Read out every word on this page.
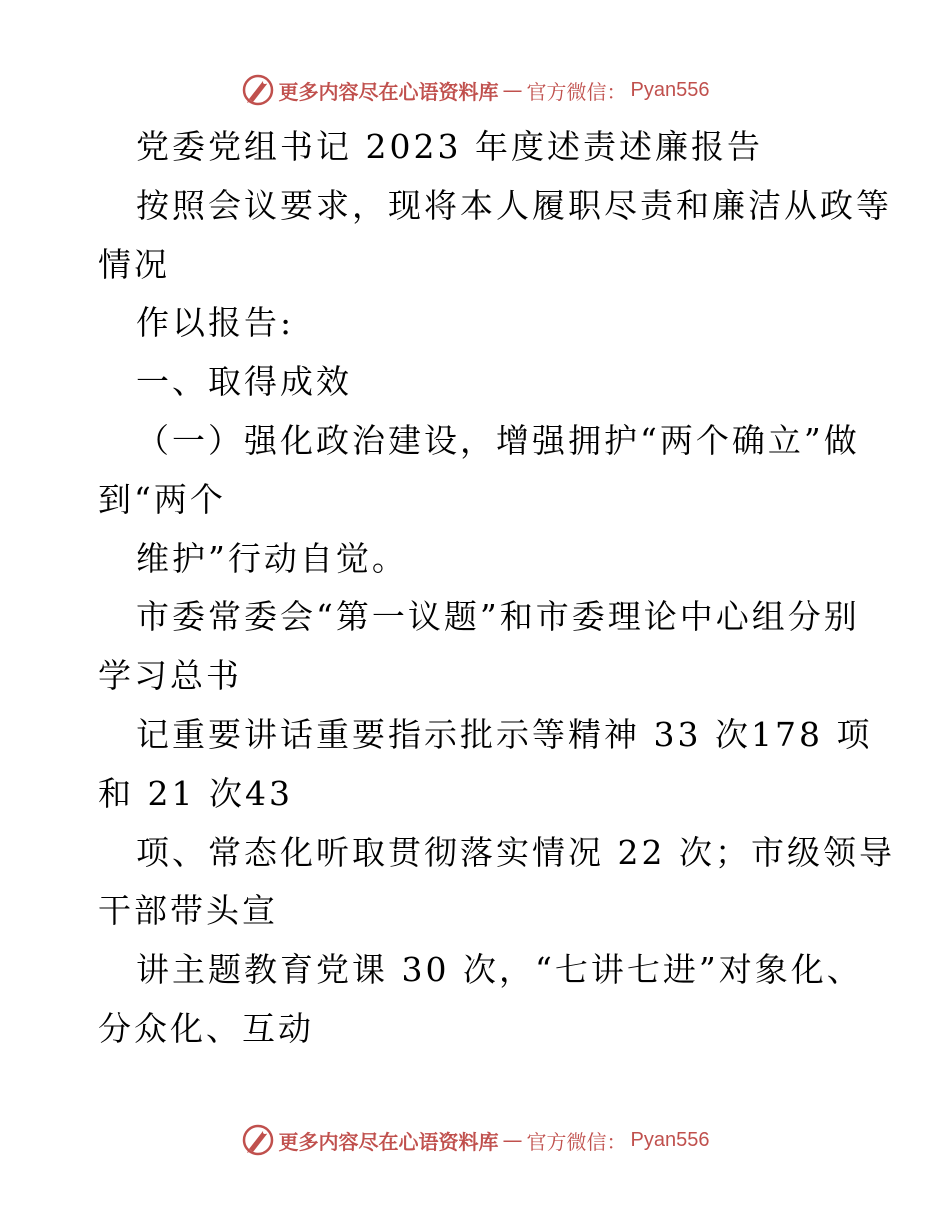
更多内容尽在心语资料库 — 官方微信： Pyan556
党委党组书记 2023 年度述责述廉报告
按照会议要求，现将本人履职尽责和廉洁从政等
情况
作以报告:
一、取得成效
（一）强化政治建设，增强拥护“两个确立”做
到“两个
维护”行动自觉。
市委常委会“第一议题”和市委理论中心组分别
学习总书
记重要讲话重要指示批示等精神 33 次178 项
和 21 次43
项、常态化听取贯彻落实情况 22 次；市级领导
干部带头宣
讲主题教育党课 30 次，“七讲七进”对象化、
分众化、互动
更多内容尽在心语资料库 — 官方微信： Pyan556
